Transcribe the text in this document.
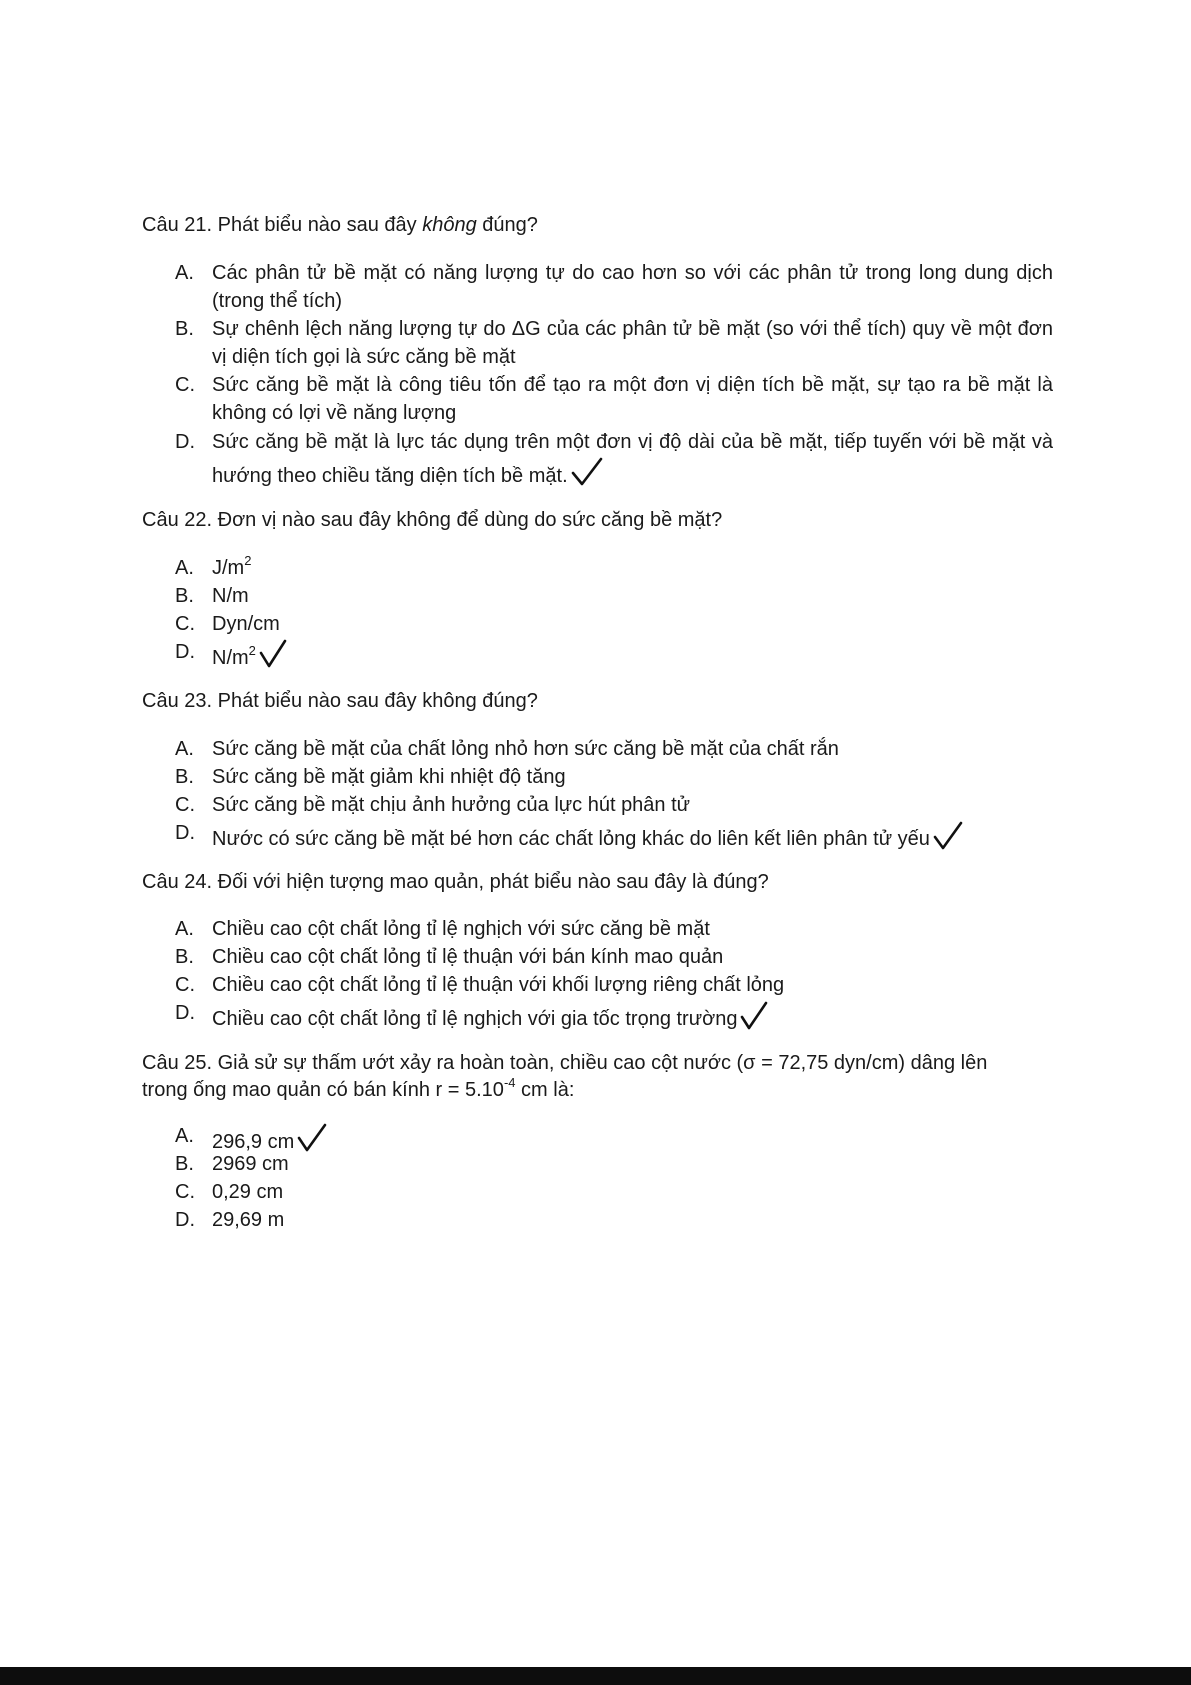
Câu 21. Phát biểu nào sau đây không đúng?
A. Các phân tử bề mặt có năng lượng tự do cao hơn so với các phân tử trong long dung dịch (trong thể tích)
B. Sự chênh lệch năng lượng tự do ΔG của các phân tử bề mặt (so với thể tích) quy về một đơn vị diện tích gọi là sức căng bề mặt
C. Sức căng bề mặt là công tiêu tốn để tạo ra một đơn vị diện tích bề mặt, sự tạo ra bề mặt là không có lợi về năng lượng
D. Sức căng bề mặt là lực tác dụng trên một đơn vị độ dài của bề mặt, tiếp tuyến với bề mặt và hướng theo chiều tăng diện tích bề mặt.
Câu 22. Đơn vị nào sau đây không để dùng do sức căng bề mặt?
A. $J/m^2$
B. N/m
C. Dyn/cm
D. $N/m^2$
Câu 23. Phát biểu nào sau đây không đúng?
A. Sức căng bề mặt của chất lỏng nhỏ hơn sức căng bề mặt của chất rắn
B. Sức căng bề mặt giảm khi nhiệt độ tăng
C. Sức căng bề mặt chịu ảnh hưởng của lực hút phân tử
D. Nước có sức căng bề mặt bé hơn các chất lỏng khác do liên kết liên phân tử yếu
Câu 24. Đối với hiện tượng mao quản, phát biểu nào sau đây là đúng?
A. Chiều cao cột chất lỏng tỉ lệ nghịch với sức căng bề mặt
B. Chiều cao cột chất lỏng tỉ lệ thuận với bán kính mao quản
C. Chiều cao cột chất lỏng tỉ lệ thuận với khối lượng riêng chất lỏng
D. Chiều cao cột chất lỏng tỉ lệ nghịch với gia tốc trọng trường
Câu 25. Giả sử sự thấm ướt xảy ra hoàn toàn, chiều cao cột nước (σ = 72,75 dyn/cm) dâng lên
trong ống mao quản có bán kính $r = 5.10^{-4}$ cm là:
A. 296,9 cm
B. 2969 cm
C. 0,29 cm
D. 29,69 m
